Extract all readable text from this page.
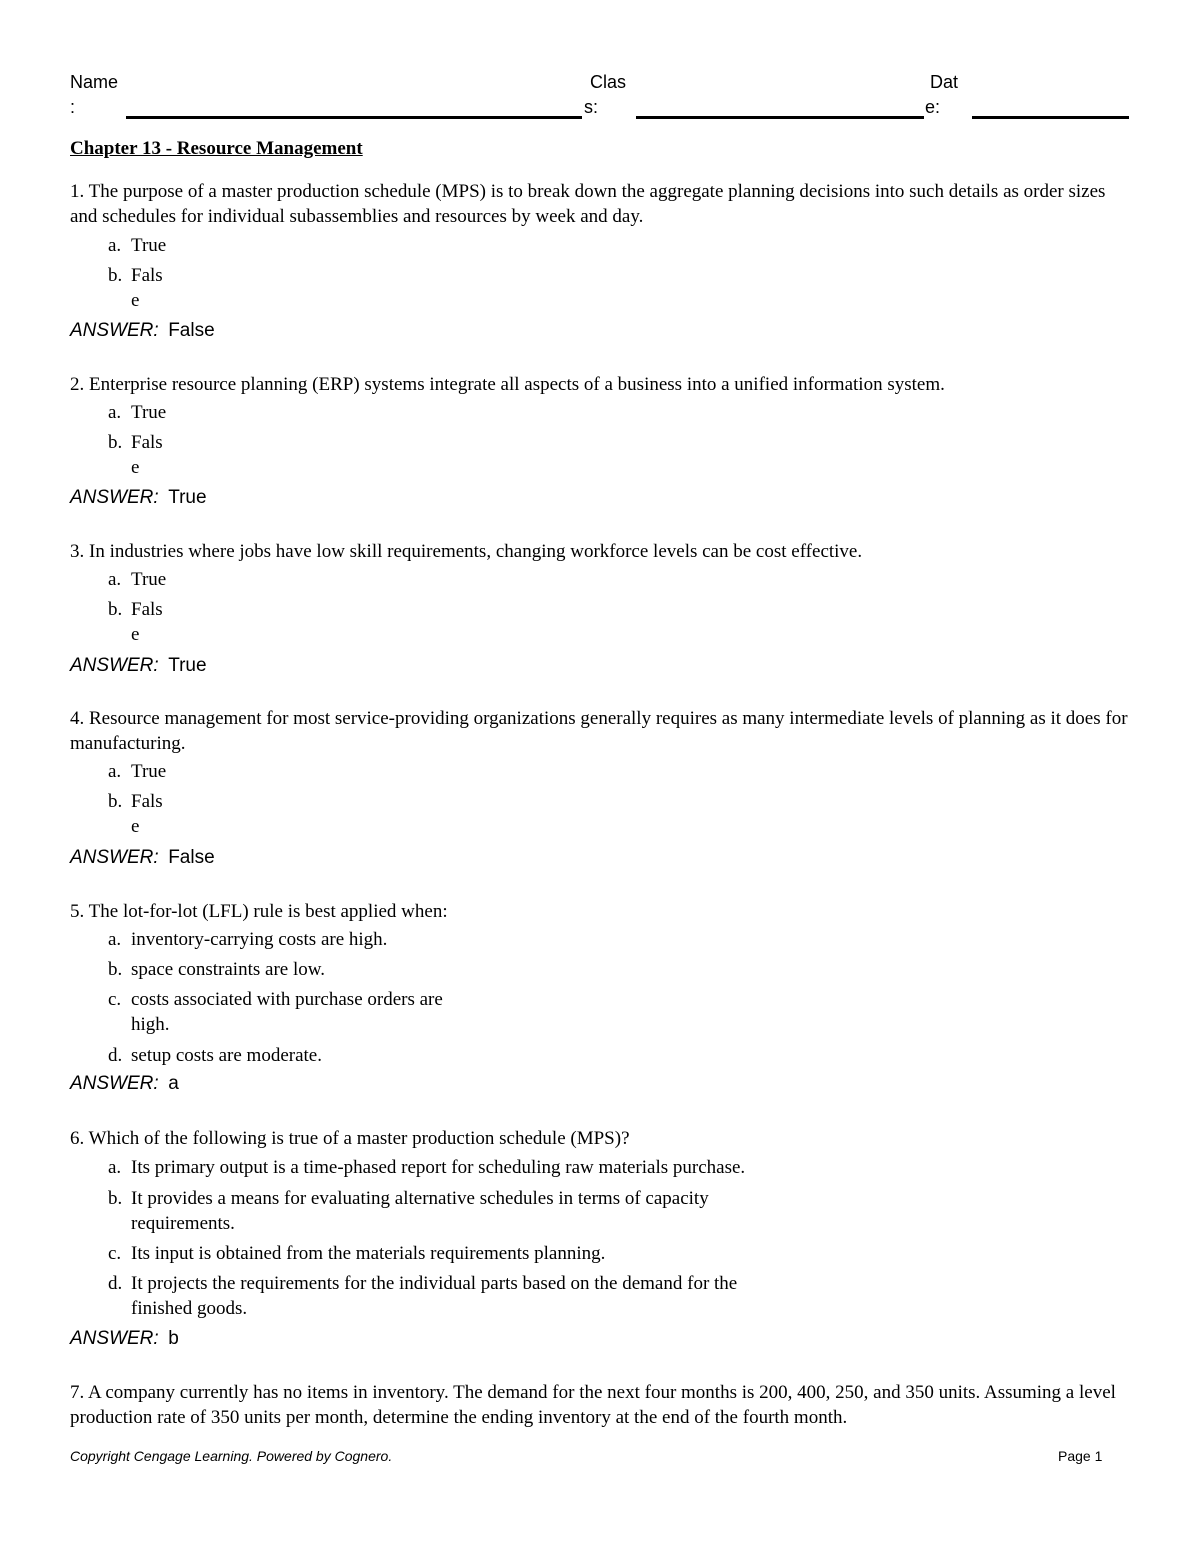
Name
:
Clas
s:
Dat
e:
Chapter 13 - Resource Management
1. The purpose of a master production schedule (MPS) is to break down the aggregate planning decisions into such details as order sizes and schedules for individual subassemblies and resources by week and day.
a. True
b. Fals
e
ANSWER: False
2. Enterprise resource planning (ERP) systems integrate all aspects of a business into a unified information system.
a. True
b. Fals
e
ANSWER: True
3. In industries where jobs have low skill requirements, changing workforce levels can be cost effective.
a. True
b. Fals
e
ANSWER: True
4. Resource management for most service-providing organizations generally requires as many intermediate levels of planning as it does for manufacturing.
a. True
b. Fals
e
ANSWER: False
5. The lot-for-lot (LFL) rule is best applied when:
a. inventory-carrying costs are high.
b. space constraints are low.
c. costs associated with purchase orders are
high.
d. setup costs are moderate.
ANSWER: a
6. Which of the following is true of a master production schedule (MPS)?
a. Its primary output is a time-phased report for scheduling raw materials purchase.
b. It provides a means for evaluating alternative schedules in terms of capacity
requirements.
c. Its input is obtained from the materials requirements planning.
d. It projects the requirements for the individual parts based on the demand for the
finished goods.
ANSWER: b
7. A company currently has no items in inventory. The demand for the next four months is 200, 400, 250, and 350 units. Assuming a level production rate of 350 units per month, determine the ending inventory at the end of the fourth month.
Copyright Cengage Learning. Powered by Cognero.	Page 1
